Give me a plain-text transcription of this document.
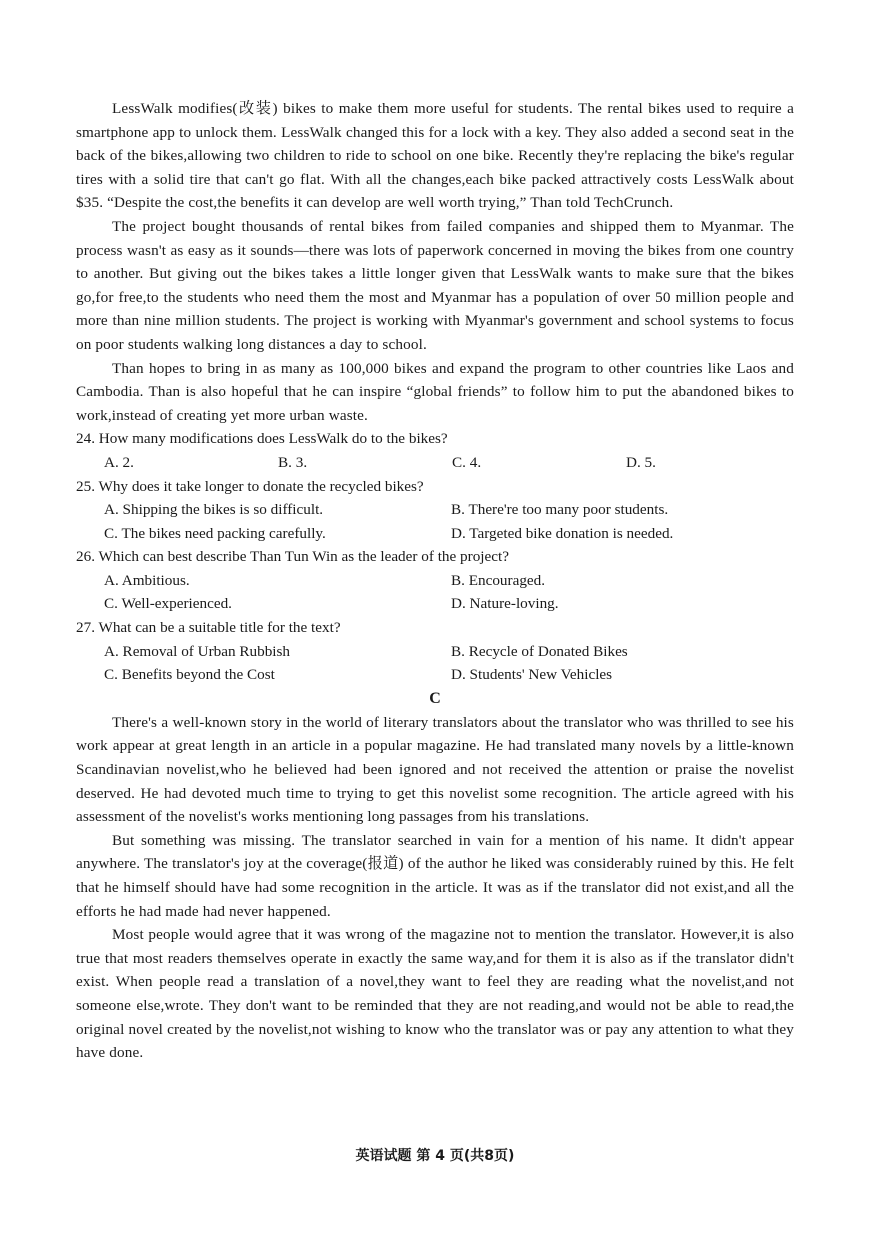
LessWalk modifies(改装) bikes to make them more useful for students. The rental bikes used to require a smartphone app to unlock them. LessWalk changed this for a lock with a key. They also added a second seat in the back of the bikes,allowing two children to ride to school on one bike. Recently they're replacing the bike's regular tires with a solid tire that can't go flat. With all the changes,each bike packed attractively costs LessWalk about $35. “Despite the cost,the benefits it can develop are well worth trying,” Than told TechCrunch.

The project bought thousands of rental bikes from failed companies and shipped them to Myanmar. The process wasn't as easy as it sounds—there was lots of paperwork concerned in moving the bikes from one country to another. But giving out the bikes takes a little longer given that LessWalk wants to make sure that the bikes go,for free,to the students who need them the most and Myanmar has a population of over 50 million people and more than nine million students. The project is working with Myanmar's government and school systems to focus on poor students walking long distances a day to school.

Than hopes to bring in as many as 100,000 bikes and expand the program to other countries like Laos and Cambodia. Than is also hopeful that he can inspire “global friends” to follow him to put the abandoned bikes to work,instead of creating yet more urban waste.

24. How many modifications does LessWalk do to the bikes?

A. 2.	B. 3.	C. 4.	D. 5.

25. Why does it take longer to donate the recycled bikes?

A. Shipping the bikes is so difficult.	B. There're too many poor students.
C. The bikes need packing carefully.	D. Targeted bike donation is needed.

26. Which can best describe Than Tun Win as the leader of the project?

A. Ambitious.	B. Encouraged.
C. Well-experienced.	D. Nature-loving.

27. What can be a suitable title for the text?

A. Removal of Urban Rubbish	B. Recycle of Donated Bikes
C. Benefits beyond the Cost	D. Students' New Vehicles

C

There's a well-known story in the world of literary translators about the translator who was thrilled to see his work appear at great length in an article in a popular magazine. He had translated many novels by a little-known Scandinavian novelist,who he believed had been ignored and not received the attention or praise the novelist deserved. He had devoted much time to trying to get this novelist some recognition. The article agreed with his assessment of the novelist's works mentioning long passages from his translations.

But something was missing. The translator searched in vain for a mention of his name. It didn't appear anywhere. The translator's joy at the coverage(报道) of the author he liked was considerably ruined by this. He felt that he himself should have had some recognition in the article. It was as if the translator did not exist,and all the efforts he had made had never happened.

Most people would agree that it was wrong of the magazine not to mention the translator. However,it is also true that most readers themselves operate in exactly the same way,and for them it is also as if the translator didn't exist. When people read a translation of a novel,they want to feel they are reading what the novelist,and not someone else,wrote. They don't want to be reminded that they are not reading,and would not be able to read,the original novel created by the novelist,not wishing to know who the translator was or pay any attention to what they have done.

英语试题 第 4 页(共8页)
